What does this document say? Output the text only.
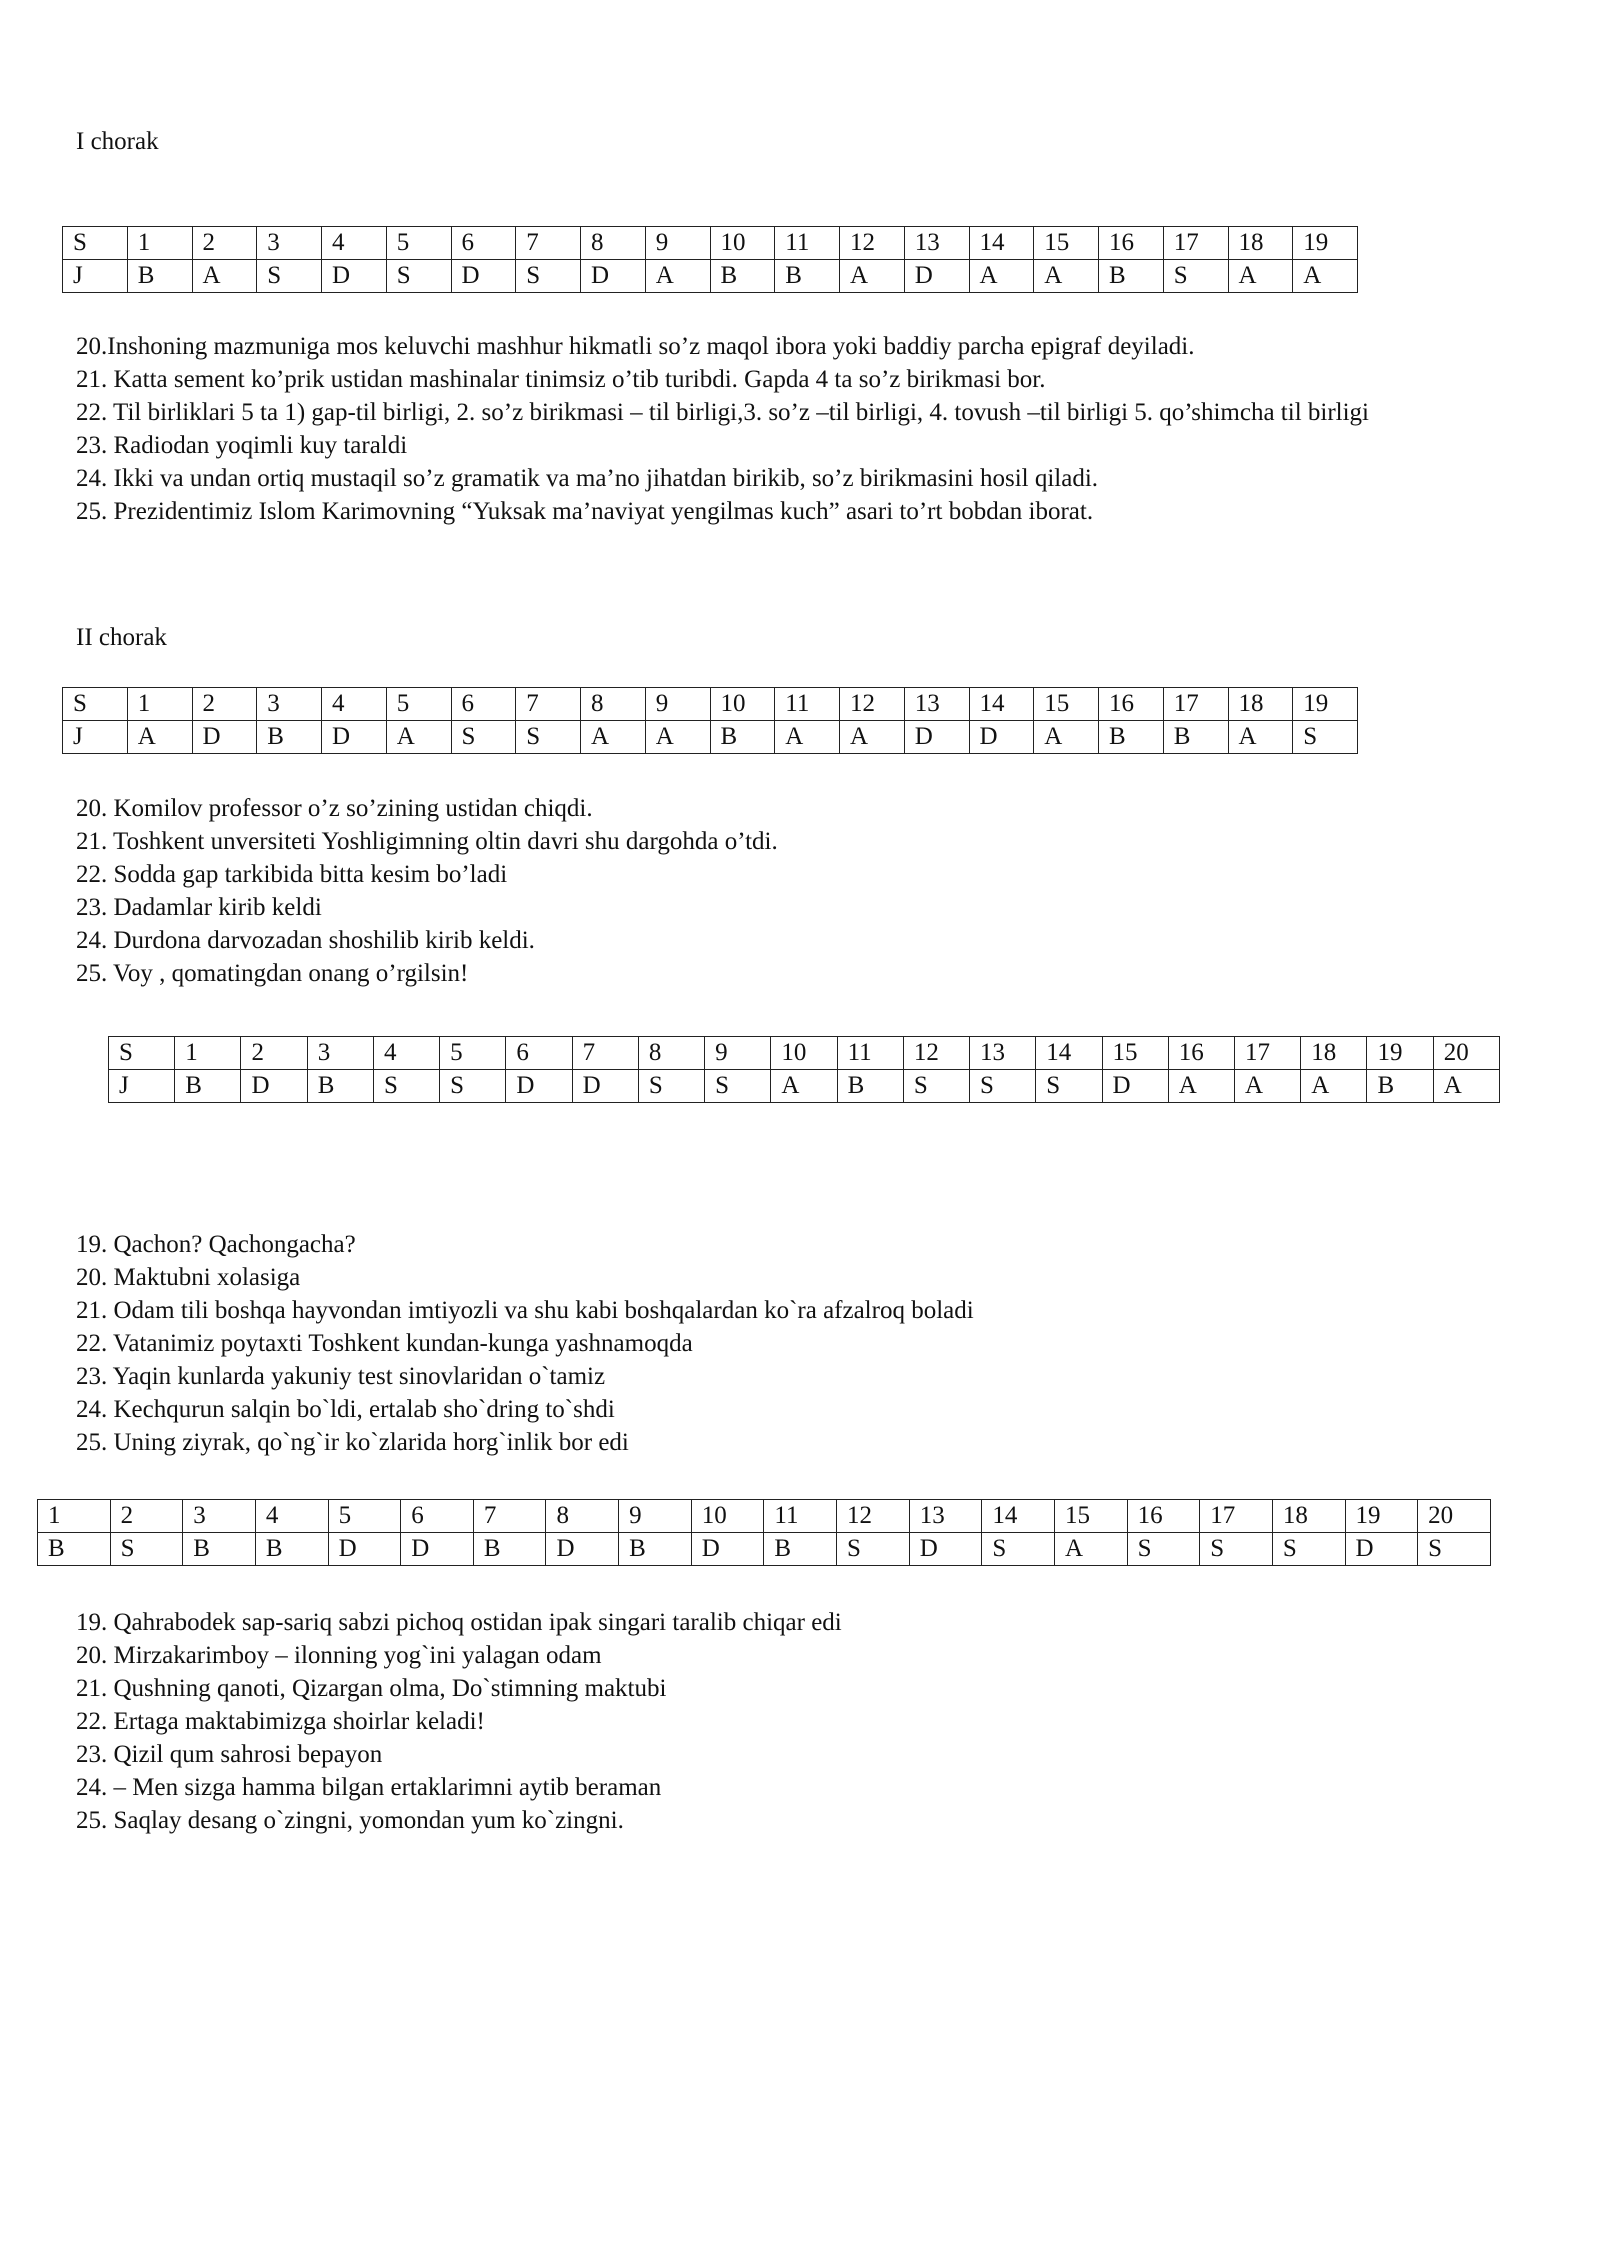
I chorak
S	1	2	3	4	5	6	7	8	9	10	11	12	13	14	15	16	17	18	19
J	B	A	S	D	S	D	S	D	A	B	B	A	D	A	A	B	S	A	A
20.Inshoning mazmuniga mos keluvchi mashhur hikmatli so’z maqol ibora yoki baddiy parcha epigraf deyiladi.
21. Katta sement ko’prik ustidan mashinalar tinimsiz o’tib turibdi. Gapda 4 ta so’z birikmasi bor.
22. Til birliklari 5 ta 1) gap-til birligi, 2. so’z birikmasi – til birligi,3. so’z –til birligi, 4. tovush –til birligi 5. qo’shimcha til birligi
23. Radiodan yoqimli kuy taraldi
24. Ikki va undan ortiq mustaqil so’z gramatik va ma’no jihatdan birikib, so’z birikmasini hosil qiladi.
25. Prezidentimiz Islom Karimovning “Yuksak ma’naviyat yengilmas kuch” asari to’rt bobdan iborat.
II chorak
S	1	2	3	4	5	6	7	8	9	10	11	12	13	14	15	16	17	18	19
J	A	D	B	D	A	S	S	A	A	B	A	A	D	D	A	B	B	A	S
20. Komilov professor o’z so’zining ustidan chiqdi.
21. Toshkent unversiteti Yoshligimning oltin davri shu dargohda o’tdi.
22. Sodda gap tarkibida bitta kesim bo’ladi
23. Dadamlar kirib keldi
24. Durdona darvozadan shoshilib kirib keldi.
25. Voy , qomatingdan onang o’rgilsin!
S	1	2	3	4	5	6	7	8	9	10	11	12	13	14	15	16	17	18	19	20
J	B	D	B	S	S	D	D	S	S	A	B	S	S	S	D	A	A	A	B	A
19. Qachon? Qachongacha?
20. Maktubni xolasiga
21. Odam tili boshqa hayvondan imtiyozli va shu kabi boshqalardan ko`ra afzalroq boladi
22. Vatanimiz poytaxti Toshkent kundan-kunga yashnamoqda
23. Yaqin kunlarda yakuniy test sinovlaridan o`tamiz
24. Kechqurun salqin bo`ldi, ertalab sho`dring to`shdi
25. Uning ziyrak, qo`ng`ir ko`zlarida horg`inlik bor edi
1	2	3	4	5	6	7	8	9	10	11	12	13	14	15	16	17	18	19	20
B	S	B	B	D	D	B	D	B	D	B	S	D	S	A	S	S	S	D	S
19. Qahrabodek sap-sariq sabzi pichoq ostidan ipak singari taralib chiqar edi
20. Mirzakarimboy – ilonning yog`ini yalagan odam
21. Qushning qanoti, Qizargan olma, Do`stimning maktubi
22. Ertaga maktabimizga shoirlar keladi!
23. Qizil qum sahrosi bepayon
24. – Men sizga hamma bilgan ertaklarimni aytib beraman
25. Saqlay desang o`zingni, yomondan yum ko`zingni.
